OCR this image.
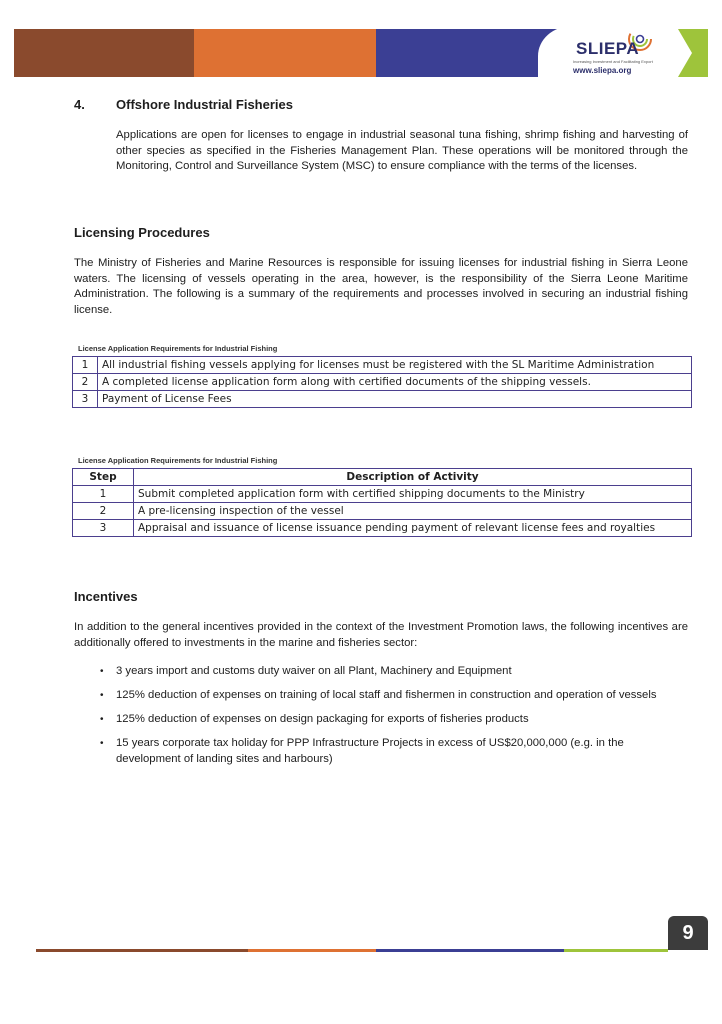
SLIEPA
Increasing Investment and Facilitating Export
www.sliepa.org
4. Offshore Industrial Fisheries
Applications are open for licenses to engage in industrial seasonal tuna fishing, shrimp fishing and harvesting of other species as specified in the Fisheries Management Plan. These operations will be monitored through the Monitoring, Control and Surveillance System (MSC) to ensure compliance with the terms of the licenses.
Licensing Procedures
The Ministry of Fisheries and Marine Resources is responsible for issuing licenses for industrial fishing in Sierra Leone waters. The licensing of vessels operating in the area, however, is the responsibility of the Sierra Leone Maritime Administration. The following is a summary of the requirements and processes involved in securing an industrial fishing license.
License Application Requirements for Industrial Fishing
1	All industrial fishing vessels applying for licenses must be registered with the SL Maritime Administration
2	A completed license application form along with certified documents of the shipping vessels.
3	Payment of License Fees
License Application Requirements for Industrial Fishing
Step	Description of Activity
1	Submit completed application form with certified shipping documents to the Ministry
2	A pre-licensing inspection of the vessel
3	Appraisal and issuance of license issuance pending payment of relevant license fees and royalties
Incentives
In addition to the general incentives provided in the context of the Investment Promotion laws, the following incentives are additionally offered to investments in the marine and fisheries sector:
• 3 years import and customs duty waiver on all Plant, Machinery and Equipment
• 125% deduction of expenses on training of local staff and fishermen in construction and operation of vessels
• 125% deduction of expenses on design packaging for exports of fisheries products
• 15 years corporate tax holiday for PPP Infrastructure Projects in excess of US$20,000,000 (e.g. in the development of landing sites and harbours)
9
